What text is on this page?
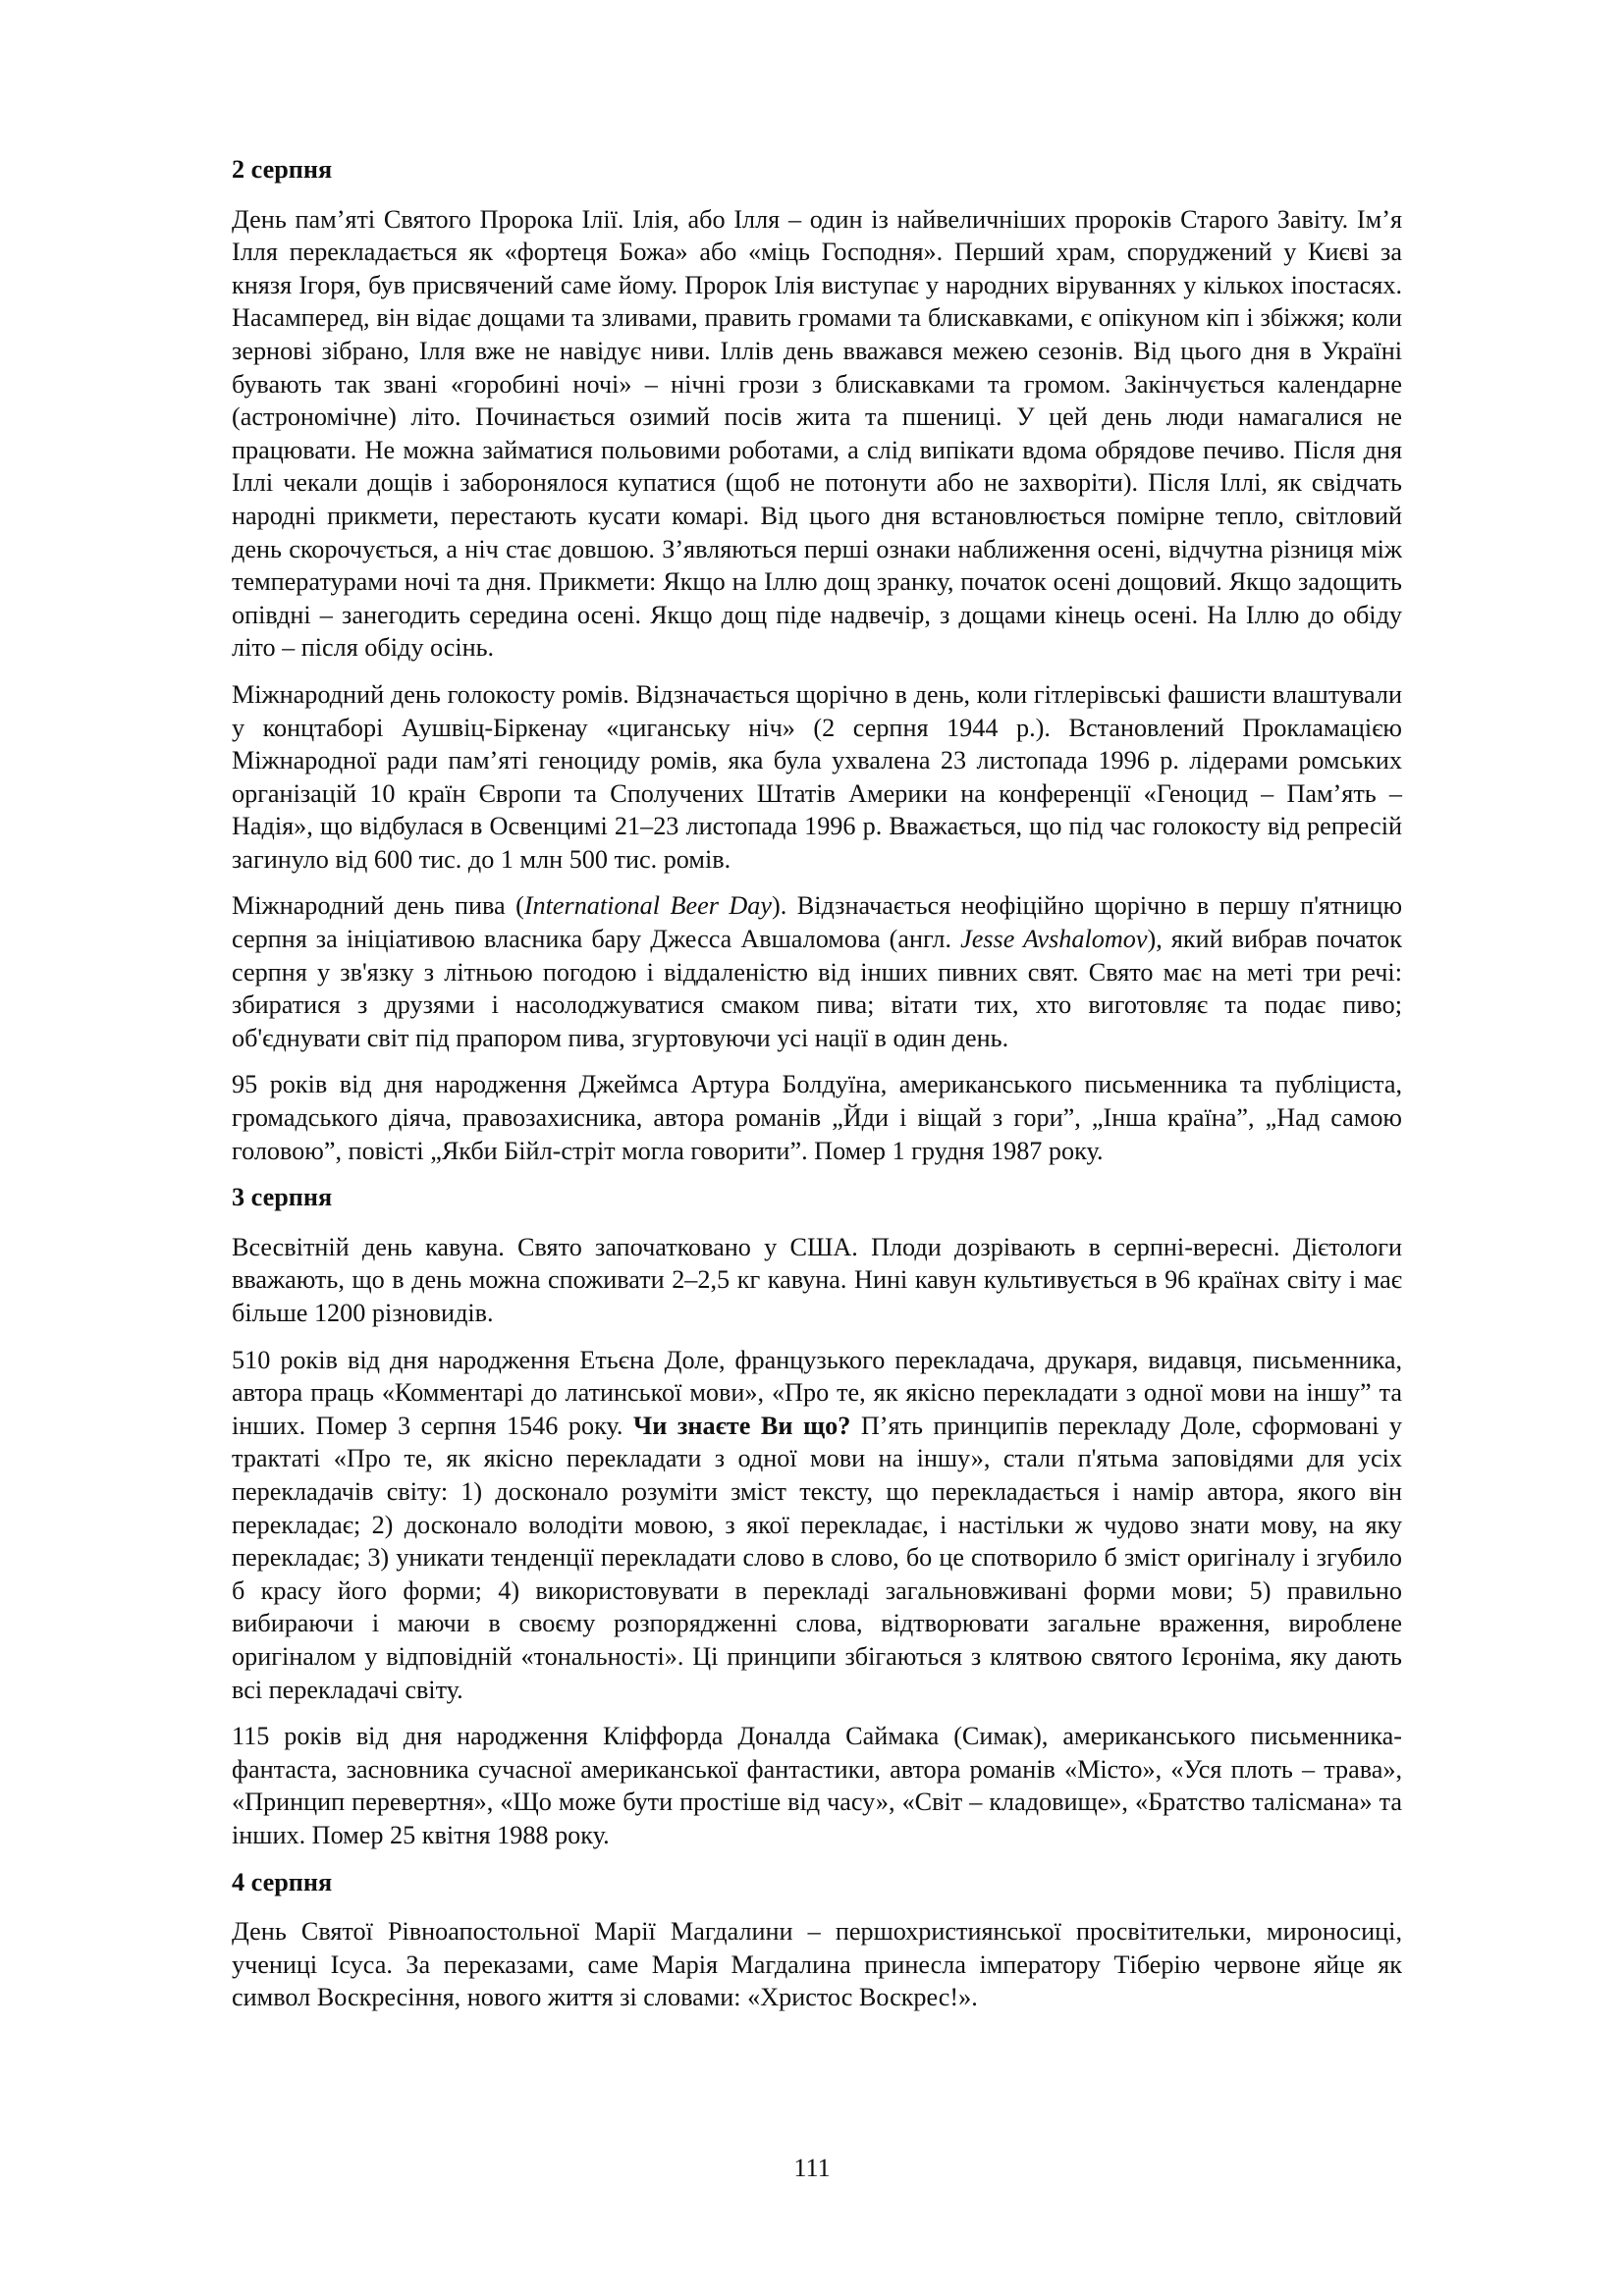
2 серпня

День пам’яті Святого Пророка Ілії. Ілія, або Ілля – один із найвеличніших пророків Старого Завіту. Ім’я Ілля перекладається як «фортеця Божа» або «міць Господня». Перший храм, споруджений у Києві за князя Ігоря, був присвячений саме йому. Пророк Ілія виступає у народних віруваннях у кількох іпостасях. Насамперед, він відає дощами та зливами, править громами та блискавками, є опікуном кіп і збіжжя; коли зернові зібрано, Ілля вже не навідує ниви. Іллів день вважався межею сезонів. Від цього дня в Україні бувають так звані «горобині ночі» – нічні грози з блискавками та громом. Закінчується календарне (астрономічне) літо. Починається озимий посів жита та пшениці. У цей день люди намагалися не працювати. Не можна займатися польовими роботами, а слід випікати вдома обрядове печиво. Після дня Іллі чекали дощів і заборонялося купатися (щоб не потонути або не захворіти). Після Іллі, як свідчать народні прикмети, перестають кусати комарі. Від цього дня встановлюється помірне тепло, світловий день скорочується, а ніч стає довшою. З’являються перші ознаки наближення осені, відчутна різниця між температурами ночі та дня. Прикмети: Якщо на Іллю дощ зранку, початок осені дощовий. Якщо задощить опівдні – занегодить середина осені. Якщо дощ піде надвечір, з дощами кінець осені. На Іллю до обіду літо – після обіду осінь.

Міжнародний день голокосту ромів. Відзначається щорічно в день, коли гітлерівські фашисти влаштували у концтаборі Аушвіц-Біркенау «циганську ніч» (2 серпня 1944 р.). Встановлений Прокламацією Міжнародної ради пам’яті геноциду ромів, яка була ухвалена 23 листопада 1996 р. лідерами ромських організацій 10 країн Європи та Сполучених Штатів Америки на конференції «Геноцид – Пам’ять – Надія», що відбулася в Освенцимі 21–23 листопада 1996 р. Вважається, що під час голокосту від репресій загинуло від 600 тис. до 1 млн 500 тис. ромів.

Міжнародний день пива (International Beer Day). Відзначається неофіційно щорічно в першу п'ятницю серпня за ініціативою власника бару Джесса Авшаломова (англ. Jesse Avshalomov), який вибрав початок серпня у зв'язку з літньою погодою і віддаленістю від інших пивних свят. Свято має на меті три речі: збиратися з друзями і насолоджуватися смаком пива; вітати тих, хто виготовляє та подає пиво; об'єднувати світ під прапором пива, згуртовуючи усі нації в один день.

95 років від дня народження Джеймса Артура Болдуїна, американського письменника та публіциста, громадського діяча, правозахисника, автора романів „Йди і віщай з гори”, „Інша країна”, „Над самою головою”, повісті „Якби Бійл-стріт могла говорити”. Помер 1 грудня 1987 року.

3 серпня

Всесвітній день кавуна. Свято започатковано у США. Плоди дозрівають в серпні-вересні. Дієтологи вважають, що в день можна споживати 2–2,5 кг кавуна. Нині кавун культивується в 96 країнах світу і має більше 1200 різновидів.

510 років від дня народження Етьєна Доле, французького перекладача, друкаря, видавця, письменника, автора праць «Комментарі до латинської мови», «Про те, як якісно перекладати з одної мови на іншу” та інших. Помер 3 серпня 1546 року. Чи знаєте Ви що? П’ять принципів перекладу Доле, сформовані у трактаті «Про те, як якісно перекладати з одної мови на іншу», стали п'ятьма заповідями для усіх перекладачів світу: 1) досконало розуміти зміст тексту, що перекладається і намір автора, якого він перекладає; 2) досконало володіти мовою, з якої перекладає, і настільки ж чудово знати мову, на яку перекладає; 3) уникати тенденції перекладати слово в слово, бо це спотворило б зміст оригіналу і згубило б красу його форми; 4) використовувати в перекладі загальновживані форми мови; 5) правильно вибираючи і маючи в своєму розпорядженні слова, відтворювати загальне враження, вироблене оригіналом у відповідній «тональності». Ці принципи збігаються з клятвою святого Ієроніма, яку дають всі перекладачі світу.

115 років від дня народження Кліффорда Доналда Саймака (Симак), американського письменника-фантаста, засновника сучасної американської фантастики, автора романів «Місто», «Уся плоть – трава», «Принцип перевертня», «Що може бути простіше від часу», «Світ – кладовище», «Братство талісмана» та інших. Помер 25 квітня 1988 року.

4 серпня

День Святої Рівноапостольної Марії Магдалини – першохристиянської просвітительки, мироносиці, учениці Ісуса. За переказами, саме Марія Магдалина принесла імператору Тіберію червоне яйце як символ Воскресіння, нового життя зі словами: «Христос Воскрес!».

111
